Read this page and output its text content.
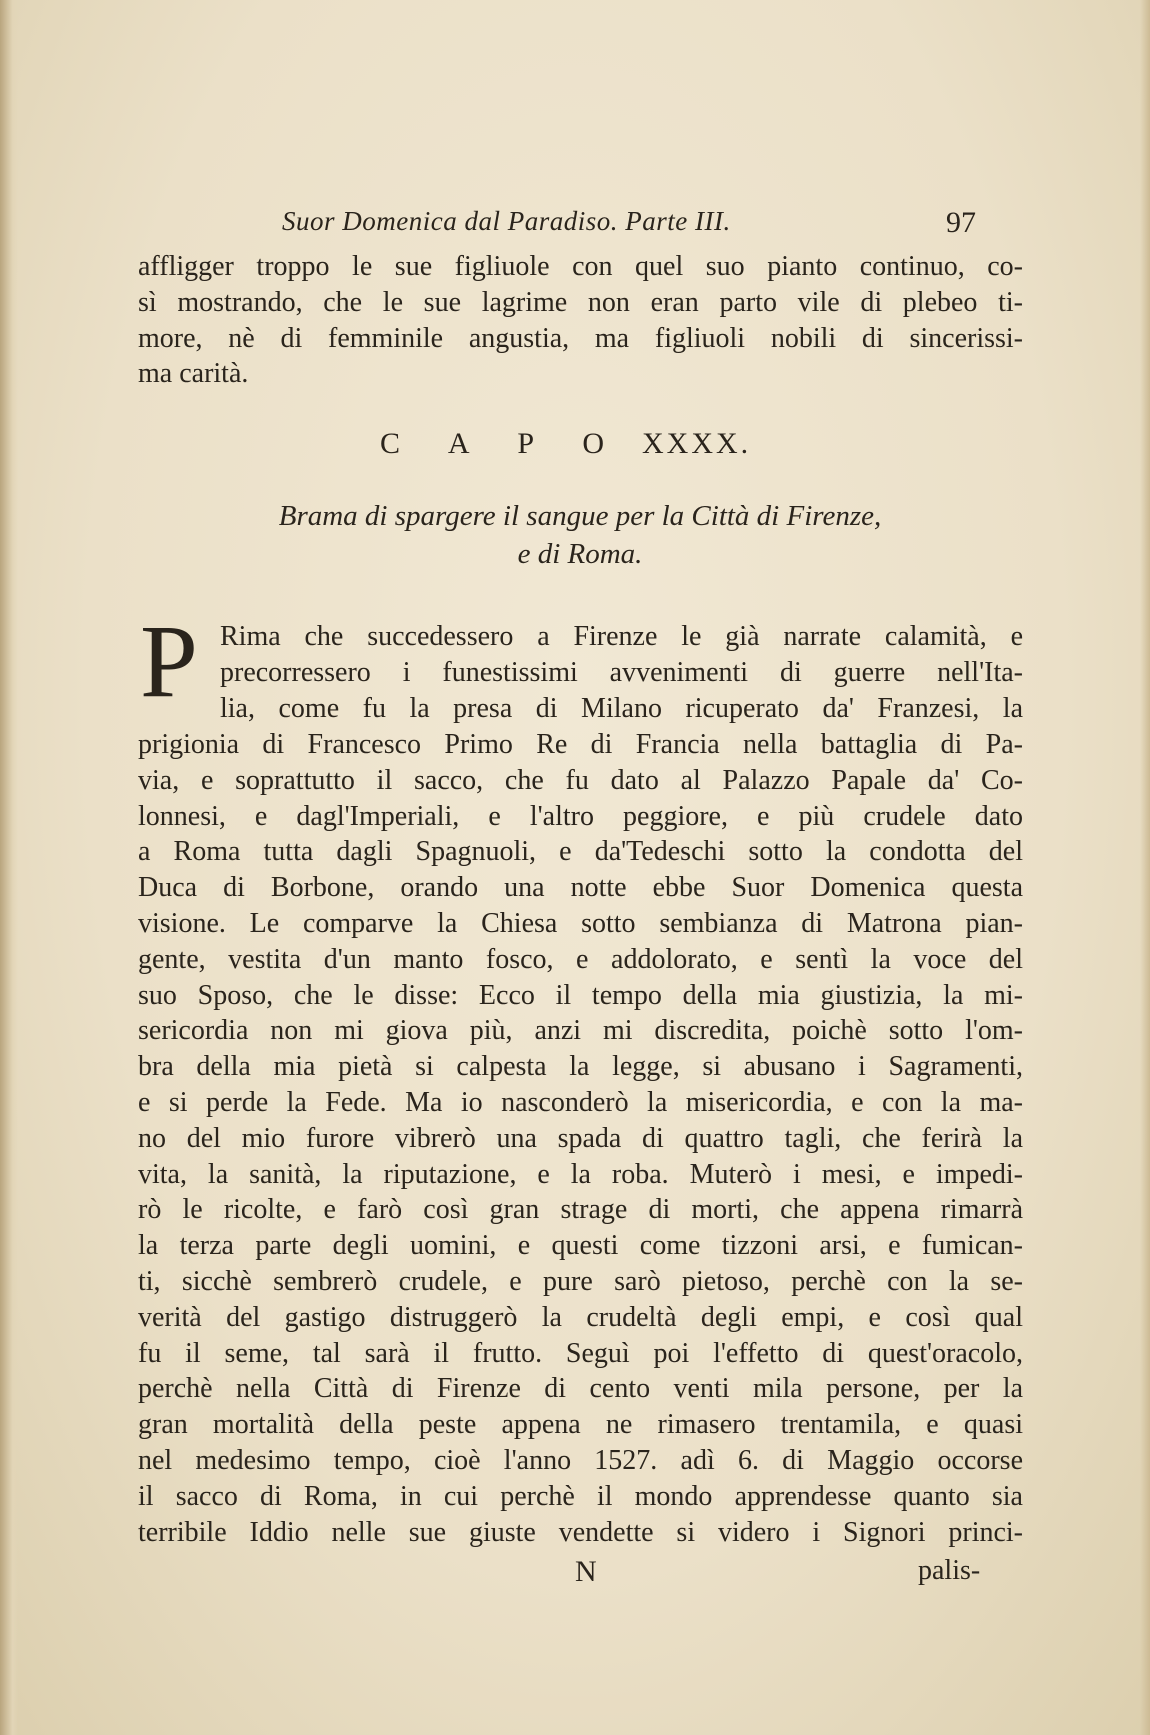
Suor Domenica dal Paradiso. Parte III.	97
affligger troppo le sue figliuole con quel suo pianto continuo, co-
sì mostrando, che le sue lagrime non eran parto vile di plebeo ti-
more, nè di femminile angustia, ma figliuoli nobili di sincerissi-
ma carità.
C A P O XXXX.
Brama di spargere il sangue per la Città di Firenze,
e di Roma.
P Rima che succedessero a Firenze le già narrate calamità, e
precorressero i funestissimi avvenimenti di guerre nell'Ita-
lia, come fu la presa di Milano ricuperato da' Franzesi, la
prigionia di Francesco Primo Re di Francia nella battaglia di Pa-
via, e soprattutto il sacco, che fu dato al Palazzo Papale da' Co-
lonnesi, e dagl'Imperiali, e l'altro peggiore, e più crudele dato
a Roma tutta dagli Spagnuoli, e da'Tedeschi sotto la condotta del
Duca di Borbone, orando una notte ebbe Suor Domenica questa
visione. Le comparve la Chiesa sotto sembianza di Matrona pian-
gente, vestita d'un manto fosco, e addolorato, e sentì la voce del
suo Sposo, che le disse: Ecco il tempo della mia giustizia, la mi-
sericordia non mi giova più, anzi mi discredita, poichè sotto l'om-
bra della mia pietà si calpesta la legge, si abusano i Sagramenti,
e si perde la Fede. Ma io nasconderò la misericordia, e con la ma-
no del mio furore vibrerò una spada di quattro tagli, che ferirà la
vita, la sanità, la riputazione, e la roba. Muterò i mesi, e impedi-
rò le ricolte, e farò così gran strage di morti, che appena rimarrà
la terza parte degli uomini, e questi come tizzoni arsi, e fumican-
ti, sicchè sembrerò crudele, e pure sarò pietoso, perchè con la se-
verità del gastigo distruggerò la crudeltà degli empi, e così qual
fu il seme, tal sarà il frutto. Seguì poi l'effetto di quest'oracolo,
perchè nella Città di Firenze di cento venti mila persone, per la
gran mortalità della peste appena ne rimasero trentamila, e quasi
nel medesimo tempo, cioè l'anno 1527. adì 6. di Maggio occorse
il sacco di Roma, in cui perchè il mondo apprendesse quanto sia
terribile Iddio nelle sue giuste vendette si videro i Signori princi-
N	palis-
